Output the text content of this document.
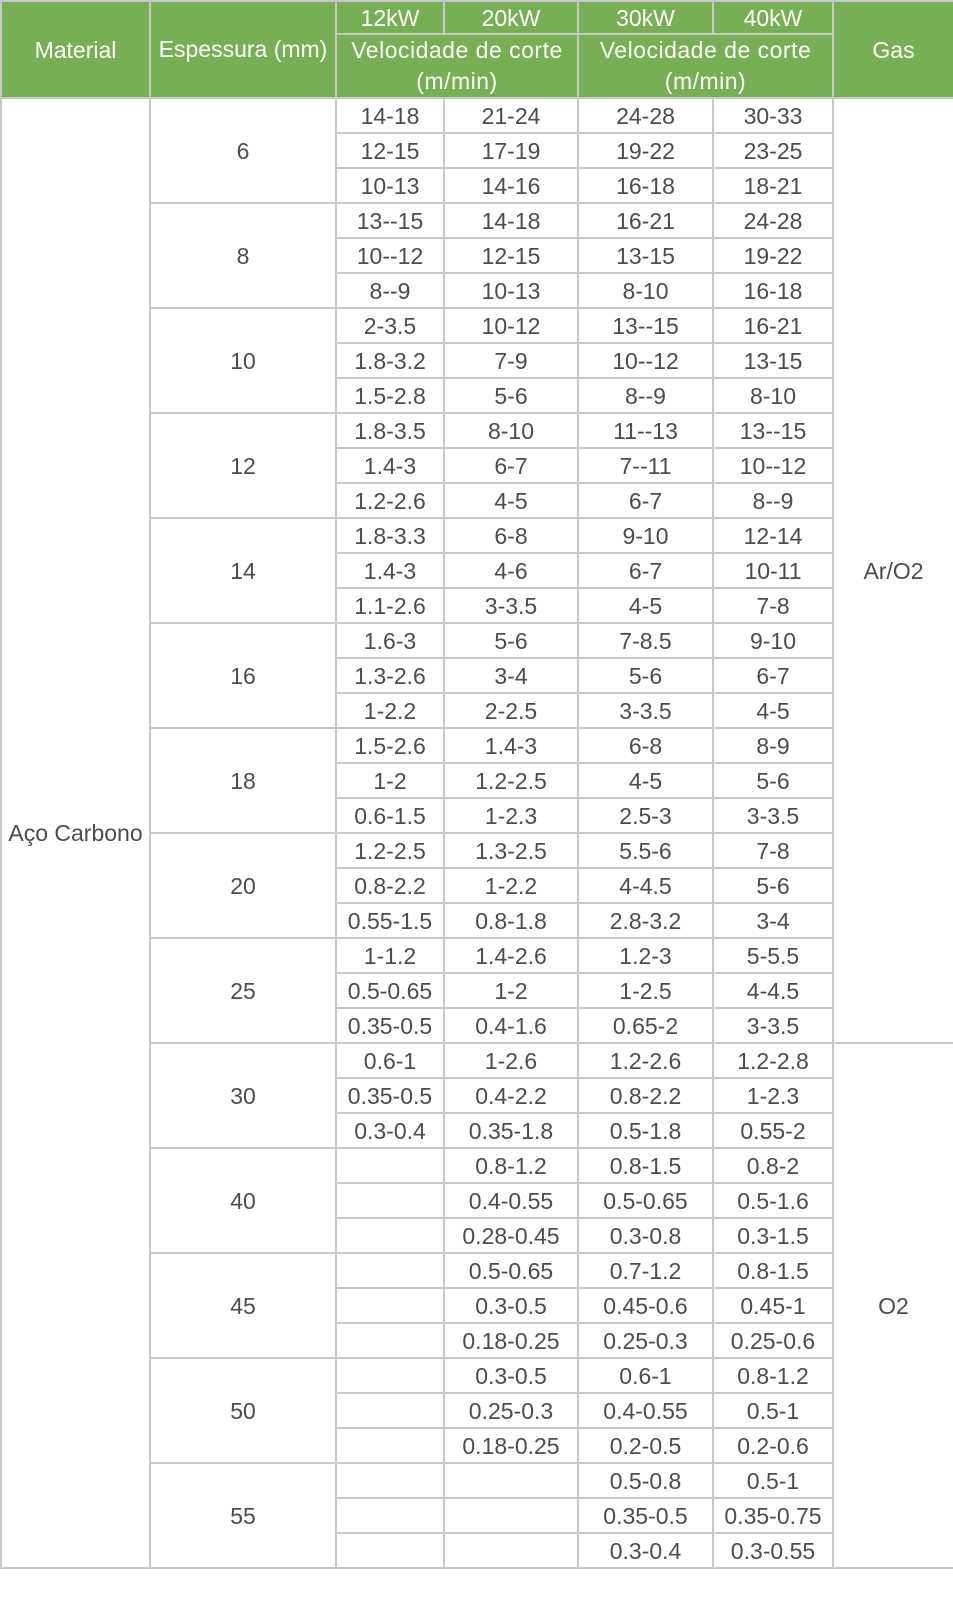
Material	Espessura (mm)	12kW	20kW	30kW	40kW	Gas
		Velocidade de corte (m/min)		Velocidade de corte (m/min)		
Aço Carbono	6	14-18	21-24	24-28	30-33	Ar/O2
		12-15	17-19	19-22	23-25	
		10-13	14-16	16-18	18-21	
	8	13--15	14-18	16-21	24-28	
		10--12	12-15	13-15	19-22	
		8--9	10-13	8-10	16-18	
	10	2-3.5	10-12	13--15	16-21	
		1.8-3.2	7-9	10--12	13-15	
		1.5-2.8	5-6	8--9	8-10	
	12	1.8-3.5	8-10	11--13	13--15	
		1.4-3	6-7	7--11	10--12	
		1.2-2.6	4-5	6-7	8--9	
	14	1.8-3.3	6-8	9-10	12-14	
		1.4-3	4-6	6-7	10-11	
		1.1-2.6	3-3.5	4-5	7-8	
	16	1.6-3	5-6	7-8.5	9-10	
		1.3-2.6	3-4	5-6	6-7	
		1-2.2	2-2.5	3-3.5	4-5	
	18	1.5-2.6	1.4-3	6-8	8-9	
		1-2	1.2-2.5	4-5	5-6	
		0.6-1.5	1-2.3	2.5-3	3-3.5	
	20	1.2-2.5	1.3-2.5	5.5-6	7-8	
		0.8-2.2	1-2.2	4-4.5	5-6	
		0.55-1.5	0.8-1.8	2.8-3.2	3-4	
	25	1-1.2	1.4-2.6	1.2-3	5-5.5	
		0.5-0.65	1-2	1-2.5	4-4.5	
		0.35-0.5	0.4-1.6	0.65-2	3-3.5	
	30	0.6-1	1-2.6	1.2-2.6	1.2-2.8	O2
		0.35-0.5	0.4-2.2	0.8-2.2	1-2.3	
		0.3-0.4	0.35-1.8	0.5-1.8	0.55-2	
	40		0.8-1.2	0.8-1.5	0.8-2	
			0.4-0.55	0.5-0.65	0.5-1.6	
			0.28-0.45	0.3-0.8	0.3-1.5	
	45		0.5-0.65	0.7-1.2	0.8-1.5	
			0.3-0.5	0.45-0.6	0.45-1	
			0.18-0.25	0.25-0.3	0.25-0.6	
	50		0.3-0.5	0.6-1	0.8-1.2	
			0.25-0.3	0.4-0.55	0.5-1	
			0.18-0.25	0.2-0.5	0.2-0.6	
	55			0.5-0.8	0.5-1	
				0.35-0.5	0.35-0.75	
				0.3-0.4	0.3-0.55	
